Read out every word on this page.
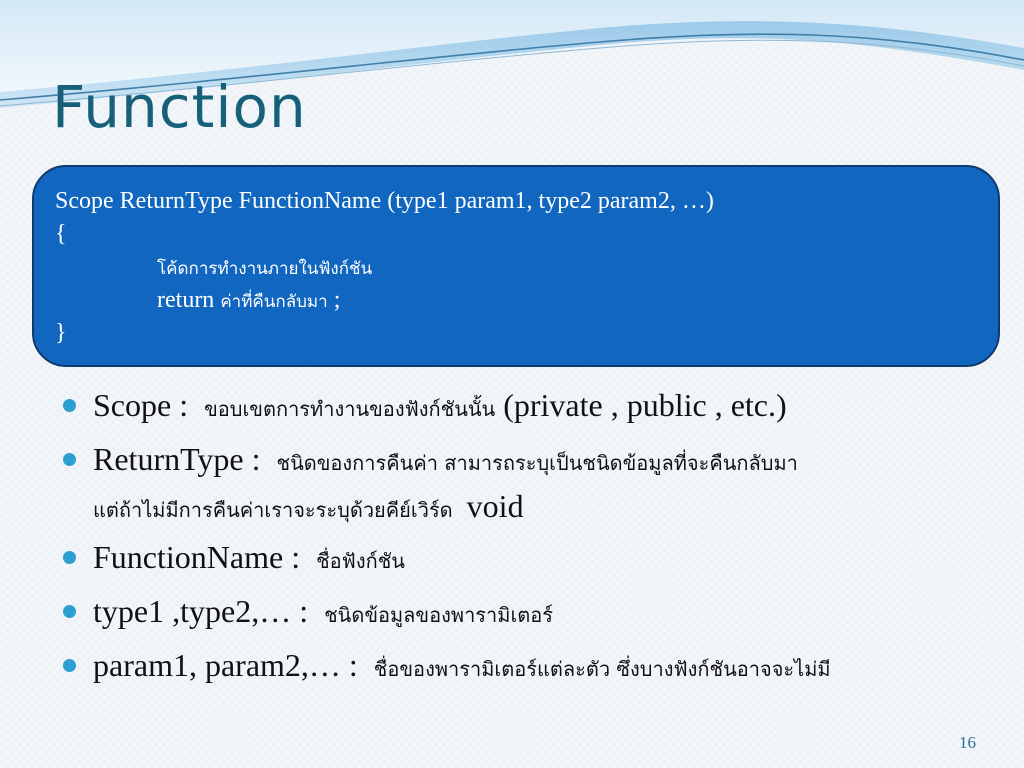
Function
Scope ReturnType FunctionName (type1 param1, type2 param2, …)
{
โค้ดการทำงานภายในฟังก์ชัน
return ค่าที่คืนกลับมา ;
}
Scope : ขอบเขตการทำงานของฟังก์ชันนั้น (private , public , etc.)
ReturnType : ชนิดของการคืนค่า สามารถระบุเป็นชนิดข้อมูลที่จะคืนกลับมา
แต่ถ้าไม่มีการคืนค่าเราจะระบุด้วยคีย์เวิร์ด void
FunctionName : ชื่อฟังก์ชัน
type1 ,type2,… : ชนิดข้อมูลของพารามิเตอร์
param1, param2,… : ชื่อของพารามิเตอร์แต่ละตัว ซึ่งบางฟังก์ชันอาจจะไม่มี
16
